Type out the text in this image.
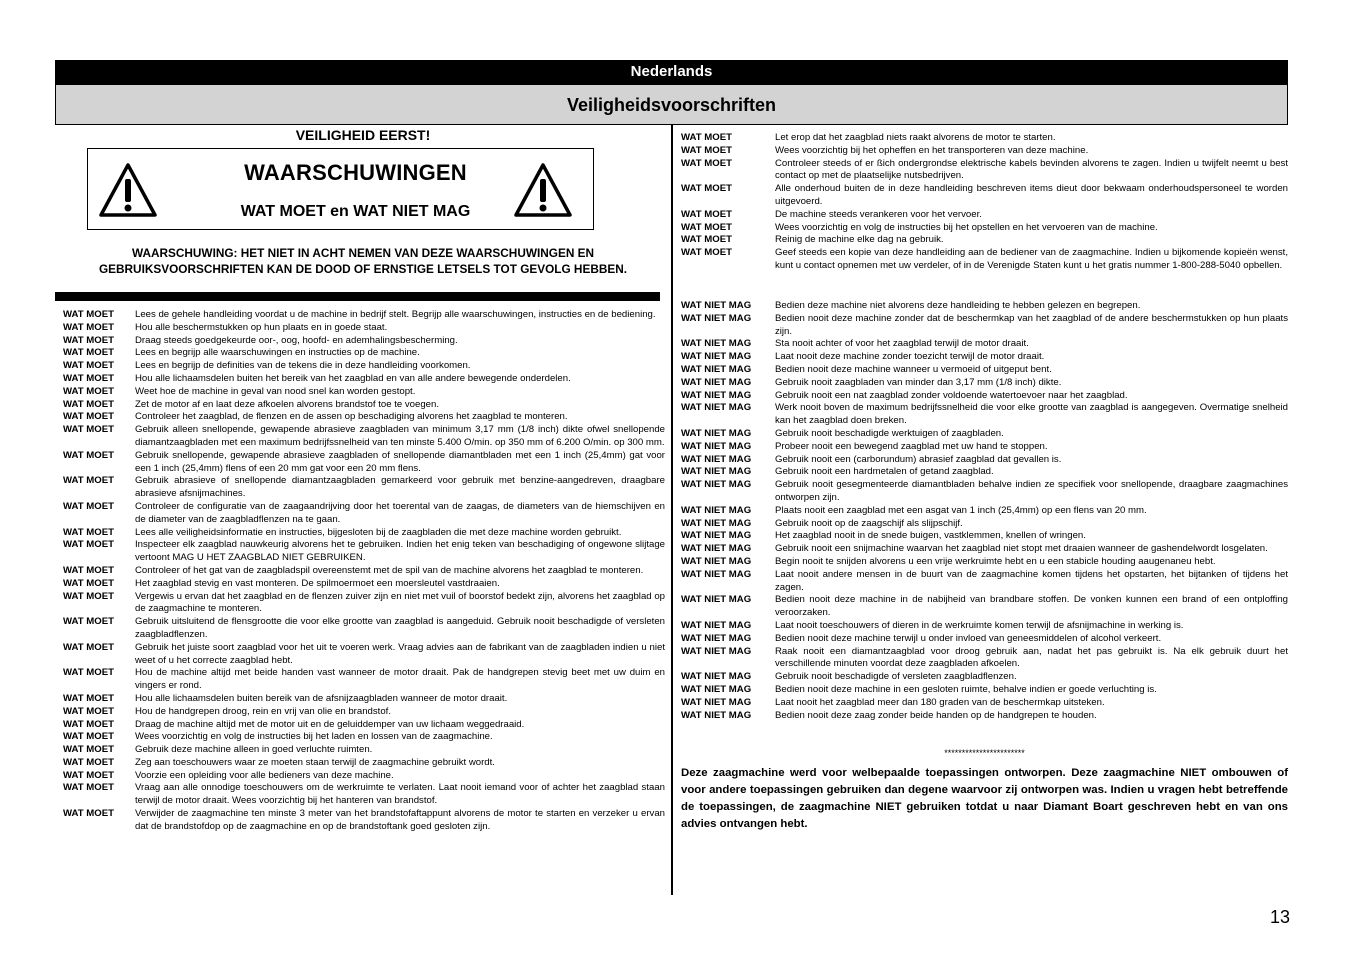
Nederlands
Veiligheidsvoorschriften
VEILIGHEID EERST!
WAARSCHUWINGEN
WAT MOET en WAT NIET MAG
WAARSCHUWING: HET NIET IN ACHT NEMEN VAN DEZE WAARSCHUWINGEN EN
GEBRUIKSVOORSCHRIFTEN KAN DE DOOD OF ERNSTIGE LETSELS TOT GEVOLG HEBBEN.
WAT MOET	Lees de gehele handleiding voordat u de machine in bedrijf stelt. Begrijp alle waarschuwingen, instructies en de bediening.
WAT MOET	Hou alle beschermstukken op hun plaats en in goede staat.
WAT MOET	Draag steeds goedgekeurde oor-, oog, hoofd- en ademhalingsbescherming.
WAT MOET	Lees en begrijp alle waarschuwingen en instructies op de machine.
WAT MOET	Lees en begrijp de definities van de tekens die in deze handleiding voorkomen.
WAT MOET	Hou alle lichaamsdelen buiten het bereik van het zaagblad en van alle andere bewegende onderdelen.
WAT MOET	Weet hoe de machine in geval van nood snel kan worden gestopt.
WAT MOET	Zet de motor af en laat deze afkoelen alvorens brandstof toe te voegen.
WAT MOET	Controleer het zaagblad, de flenzen en de assen op beschadiging alvorens het zaagblad te monteren.
WAT MOET	Gebruik alleen snellopende, gewapende abrasieve zaagbladen van minimum 3,17 mm (1/8 inch) dikte ofwel snellopende diamantzaagbladen met een maximum bedrijfssnelheid van ten minste 5.400 O/min. op 350 mm of 6.200 O/min. op 300 mm.
WAT MOET	Gebruik snellopende, gewapende abrasieve zaagbladen of snellopende diamantbladen met een 1 inch (25,4mm) gat voor een 1 inch (25,4mm) flens of een 20 mm gat voor een 20 mm flens.
WAT MOET	Gebruik abrasieve of snellopende diamantzaagbladen gemarkeerd voor gebruik met benzine-aangedreven, draagbare abrasieve afsnijmachines.
WAT MOET	Controleer de configuratie van de zaagaandrijving door het toerental van de zaagas, de diameters van de hiemschijven en de diameter van de zaagbladflenzen na te gaan.
WAT MOET	Lees alle veiligheidsinformatie en instructies, bijgesloten bij de zaagbladen die met deze machine worden gebruikt.
WAT MOET	Inspecteer elk zaagblad nauwkeurig alvorens het te gebruiken. Indien het enig teken van beschadiging of ongewone slijtage vertoont MAG U HET ZAAGBLAD NIET GEBRUIKEN.
WAT MOET	Controleer of het gat van de zaagbladspil overeenstemt met de spil van de machine alvorens het zaagblad te monteren.
WAT MOET	Het zaagblad stevig en vast monteren. De spilmoermoet een moersleutel vastdraaien.
WAT MOET	Vergewis u ervan dat het zaagblad en de flenzen zuiver zijn en niet met vuil of boorstof bedekt zijn, alvorens het zaagblad op de zaagmachine te monteren.
WAT MOET	Gebruik uitsluitend de flensgrootte die voor elke grootte van zaagblad is aangeduid. Gebruik nooit beschadigde of versleten zaagbladflenzen.
WAT MOET	Gebruik het juiste soort zaagblad voor het uit te voeren werk. Vraag advies aan de fabrikant van de zaagbladen indien u niet weet of u het correcte zaagblad hebt.
WAT MOET	Hou de machine altijd met beide handen vast wanneer de motor draait. Pak de handgrepen stevig beet met uw duim en vingers er rond.
WAT MOET	Hou alle lichaamsdelen buiten bereik van de afsnijzaagbladen wanneer de motor draait.
WAT MOET	Hou de handgrepen droog, rein en vrij van olie en brandstof.
WAT MOET	Draag de machine altijd met de motor uit en de geluiddemper van uw lichaam weggedraaid.
WAT MOET	Wees voorzichtig en volg de instructies bij het laden en lossen van de zaagmachine.
WAT MOET	Gebruik deze machine alleen in goed verluchte ruimten.
WAT MOET	Zeg aan toeschouwers waar ze moeten staan terwijl de zaagmachine gebruikt wordt.
WAT MOET	Voorzie een opleiding voor alle bedieners van deze machine.
WAT MOET	Vraag aan alle onnodige toeschouwers om de werkruimte te verlaten. Laat nooit iemand voor of achter het zaagblad staan terwijl de motor draait. Wees voorzichtig bij het hanteren van brandstof.
WAT MOET	Verwijder de zaagmachine ten minste 3 meter van het brandstofaftappunt alvorens de motor te starten en verzeker u ervan dat de brandstofdop op de zaagmachine en op de brandstoftank goed gesloten zijn.
WAT MOET	Let erop dat het zaagblad niets raakt alvorens de motor te starten.
WAT MOET	Wees voorzichtig bij het opheffen en het transporteren van deze machine.
WAT MOET	Controleer steeds of er ßich ondergrondse elektrische kabels bevinden alvorens te zagen. Indien u twijfelt neemt u best contact op met de plaatselijke nutsbedrijven.
WAT MOET	Alle onderhoud buiten de in deze handleiding beschreven items dieut door bekwaam onderhoudspersoneel te worden uitgevoerd.
WAT MOET	De machine steeds verankeren voor het vervoer.
WAT MOET	Wees voorzichtig en volg de instructies bij het opstellen en het vervoeren van de machine.
WAT MOET	Reinig de machine elke dag na gebruik.
WAT MOET	Geef steeds een kopie van deze handleiding aan de bediener van de zaagmachine. Indien u bijkomende kopieën wenst, kunt u contact opnemen met uw verdeler, of in de Verenigde Staten kunt u het gratis nummer 1-800-288-5040 opbellen.
WAT NIET MAG	Bedien deze machine niet alvorens deze handleiding te hebben gelezen en begrepen.
WAT NIET MAG	Bedien nooit deze machine zonder dat de beschermkap van het zaagblad of de andere beschermstukken op hun plaats zijn.
WAT NIET MAG	Sta nooit achter of voor het zaagblad terwijl de motor draait.
WAT NIET MAG	Laat nooit deze machine zonder toezicht terwijl de motor draait.
WAT NIET MAG	Bedien nooit deze machine wanneer u vermoeid of uitgeput bent.
WAT NIET MAG	Gebruik nooit zaagbladen van minder dan 3,17 mm (1/8 inch) dikte.
WAT NIET MAG	Gebruik nooit een nat zaagblad zonder voldoende watertoevoer naar het zaagblad.
WAT NIET MAG	Werk nooit boven de maximum bedrijfssnelheid die voor elke grootte van zaagblad is aangegeven. Overmatige snelheid kan het zaagblad doen breken.
WAT NIET MAG	Gebruik nooit beschadigde werktuigen of zaagbladen.
WAT NIET MAG	Probeer nooit een bewegend zaagblad met uw hand te stoppen.
WAT NIET MAG	Gebruik nooit een (carborundum) abrasief zaagblad dat gevallen is.
WAT NIET MAG	Gebruik nooit een hardmetalen of getand zaagblad.
WAT NIET MAG	Gebruik nooit gesegmenteerde diamantbladen behalve indien ze specifiek voor snellopende, draagbare zaagmachines ontworpen zijn.
WAT NIET MAG	Plaats nooit een zaagblad met een asgat van 1 inch (25,4mm) op een flens van 20 mm.
WAT NIET MAG	Gebruik nooit op de zaagschijf als slijpschijf.
WAT NIET MAG	Het zaagblad nooit in de snede buigen, vastklemmen, knellen of wringen.
WAT NIET MAG	Gebruik nooit een snijmachine waarvan het zaagblad niet stopt met draaien wanneer de gashendelwordt losgelaten.
WAT NIET MAG	Begin nooit te snijden alvorens u een vrije werkruimte hebt en u een stabicle houding aaugenaneu hebt.
WAT NIET MAG	Laat nooit andere mensen in de buurt van de zaagmachine komen tijdens het opstarten, het bijtanken of tijdens het zagen.
WAT NIET MAG	Bedien nooit deze machine in de nabijheid van brandbare stoffen. De vonken kunnen een brand of een ontploffing veroorzaken.
WAT NIET MAG	Laat nooit toeschouwers of dieren in de werkruimte komen terwijl de afsnijmachine in werking is.
WAT NIET MAG	Bedien nooit deze machine terwijl u onder invloed van geneesmiddelen of alcohol verkeert.
WAT NIET MAG	Raak nooit een diamantzaagblad voor droog gebruik aan, nadat het pas gebruikt is. Na elk gebruik duurt het verschillende minuten voordat deze zaagbladen afkoelen.
WAT NIET MAG	Gebruik nooit beschadigde of versleten zaagbladflenzen.
WAT NIET MAG	Bedien nooit deze machine in een gesloten ruimte, behalve indien er goede verluchting is.
WAT NIET MAG	Laat nooit het zaagblad meer dan 180 graden van de beschermkap uitsteken.
WAT NIET MAG	Bedien nooit deze zaag zonder beide handen op de handgrepen te houden.
***********************
Deze zaagmachine werd voor welbepaalde toepassingen ontworpen. Deze zaagmachine NIET ombouwen of voor andere toepassingen gebruiken dan degene waarvoor zij ontworpen was. Indien u vragen hebt betreffende de toepassingen, de zaagmachine NIET gebruiken totdat u naar Diamant Boart geschreven hebt en van ons advies ontvangen hebt.
13
